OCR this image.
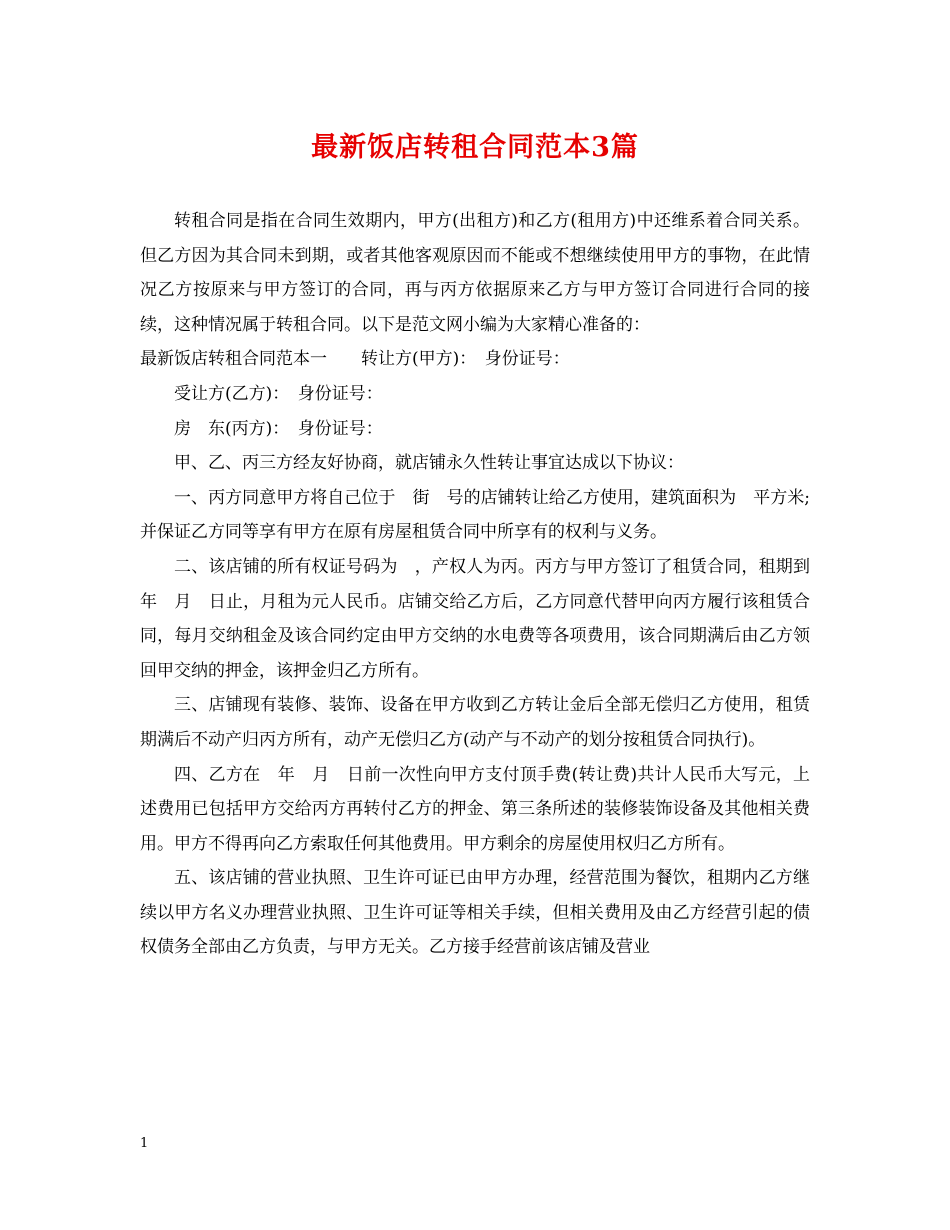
最新饭店转租合同范本3篇

转租合同是指在合同生效期内，甲方(出租方)和乙方(租用方)中还维系着合同关系。但乙方因为其合同未到期，或者其他客观原因而不能或不想继续使用甲方的事物，在此情况乙方按原来与甲方签订的合同，再与丙方依据原来乙方与甲方签订合同进行合同的接续，这种情况属于转租合同。以下是范文网小编为大家精心准备的：

最新饭店转租合同范本一　　转让方(甲方)：　身份证号：

受让方(乙方)：　身份证号：

房　东(丙方)：　身份证号：

甲、乙、丙三方经友好协商，就店铺永久性转让事宜达成以下协议：

一、丙方同意甲方将自己位于　街　号的店铺转让给乙方使用，建筑面积为　平方米;并保证乙方同等享有甲方在原有房屋租赁合同中所享有的权利与义务。

二、该店铺的所有权证号码为　，产权人为丙。丙方与甲方签订了租赁合同，租期到　年　月　日止，月租为元人民币。店铺交给乙方后，乙方同意代替甲向丙方履行该租赁合同，每月交纳租金及该合同约定由甲方交纳的水电费等各项费用，该合同期满后由乙方领回甲交纳的押金，该押金归乙方所有。

三、店铺现有装修、装饰、设备在甲方收到乙方转让金后全部无偿归乙方使用，租赁期满后不动产归丙方所有，动产无偿归乙方(动产与不动产的划分按租赁合同执行)。

四、乙方在　年　月　日前一次性向甲方支付顶手费(转让费)共计人民币大写元，上述费用已包括甲方交给丙方再转付乙方的押金、第三条所述的装修装饰设备及其他相关费用。甲方不得再向乙方索取任何其他费用。甲方剩余的房屋使用权归乙方所有。

五、该店铺的营业执照、卫生许可证已由甲方办理，经营范围为餐饮，租期内乙方继续以甲方名义办理营业执照、卫生许可证等相关手续，但相关费用及由乙方经营引起的债权债务全部由乙方负责，与甲方无关。乙方接手经营前该店铺及营业

1
